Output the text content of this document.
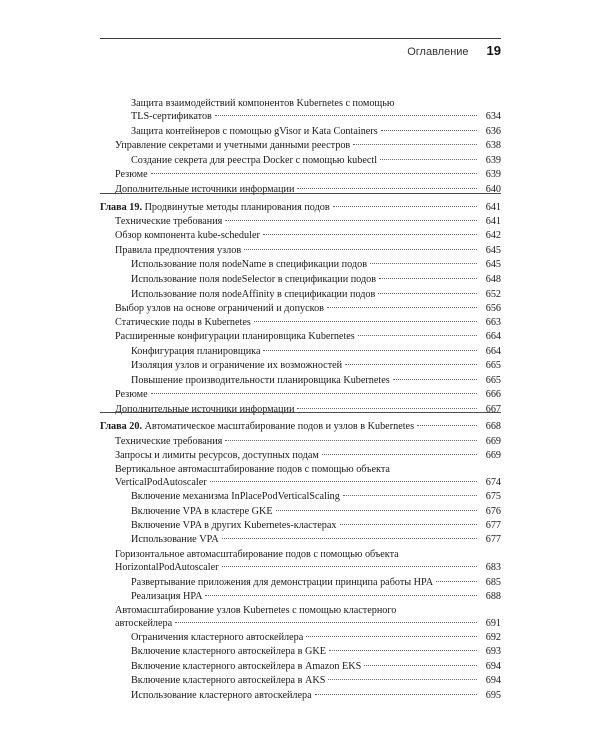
Оглавление 19
Защита взаимодействий компонентов Kubernetes с помощью
TLS-сертификатов	634
Защита контейнеров с помощью gVisor и Kata Containers	636
Управление секретами и учетными данными реестров	638
Создание секрета для реестра Docker с помощью kubectl	639
Резюме	639
Дополнительные источники информации	640
Глава 19. Продвинутые методы планирования подов	641
Технические требования	641
Обзор компонента kube-scheduler	642
Правила предпочтения узлов	645
Использование поля nodeName в спецификации подов	645
Использование поля nodeSelector в спецификации подов	648
Использование поля nodeAffinity в спецификации подов	652
Выбор узлов на основе ограничений и допусков	656
Статические поды в Kubernetes	663
Расширенные конфигурации планировщика Kubernetes	664
Конфигурация планировщика	664
Изоляция узлов и ограничение их возможностей	665
Повышение производительности планировщика Kubernetes	665
Резюме	666
Дополнительные источники информации	667
Глава 20. Автоматическое масштабирование подов и узлов в Kubernetes	668
Технические требования	669
Запросы и лимиты ресурсов, доступных подам	669
Вертикальное автомасштабирование подов с помощью объекта
VerticalPodAutoscaler	674
Включение механизма InPlacePodVerticalScaling	675
Включение VPA в кластере GKE	676
Включение VPA в других Kubernetes-кластерах	677
Использование VPA	677
Горизонтальное автомасштабирование подов с помощью объекта
HorizontalPodAutoscaler	683
Развертывание приложения для демонстрации принципа работы HPA	685
Реализация HPA	688
Автомасштабирование узлов Kubernetes с помощью кластерного
автоскейлера	691
Ограничения кластерного автоскейлера	692
Включение кластерного автоскейлера в GKE	693
Включение кластерного автоскейлера в Amazon EKS	694
Включение кластерного автоскейлера в AKS	694
Использование кластерного автоскейлера	695
